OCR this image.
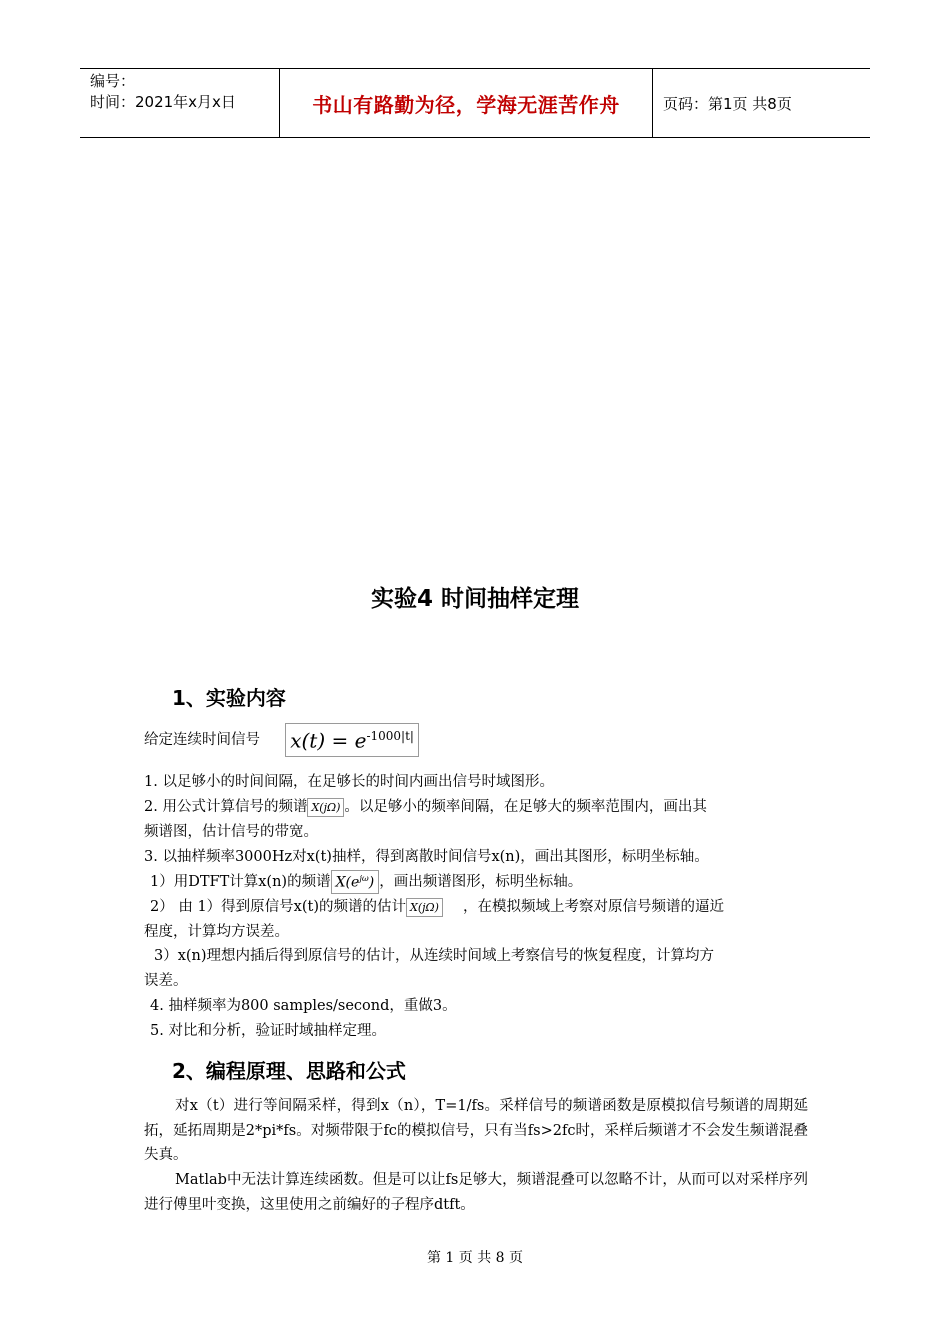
编号：
时间：2021年x月x日	书山有路勤为径，学海无涯苦作舟	页码：第1页 共8页
实验4 时间抽样定理
1、实验内容
给定连续时间信号 $x(t) = e^{-1000|t|}$
1. 以足够小的时间间隔，在足够长的时间内画出信号时域图形。
2. 用公式计算信号的频谱 X(jΩ) 。以足够小的频率间隔，在足够大的频率范围内，画出其
频谱图，估计信号的带宽。
3. 以抽样频率3000Hz对x(t)抽样，得到离散时间信号x(n)，画出其图形，标明坐标轴。
1）用DTFT计算x(n)的频谱 $X(e^{j\omega})$ ，画出频谱图形，标明坐标轴。
2） 由 1）得到原信号x(t)的频谱的估计 X(jΩ) ，在模拟频域上考察对原信号频谱的逼近
程度，计算均方误差。
3）x(n)理想内插后得到原信号的估计，从连续时间域上考察信号的恢复程度，计算均方
误差。
4. 抽样频率为800 samples/second，重做3。
5. 对比和分析，验证时域抽样定理。
2、编程原理、思路和公式
对x（t）进行等间隔采样，得到x（n），T=1/fs。采样信号的频谱函数是原模拟信号频谱的周期延拓，延拓周期是2*pi*fs。对频带限于fc的模拟信号，只有当fs>2fc时，采样后频谱才不会发生频谱混叠失真。
Matlab中无法计算连续函数。但是可以让fs足够大，频谱混叠可以忽略不计，从而可以对采样序列进行傅里叶变换，这里使用之前编好的子程序dtft。
第 1 页 共 8 页
